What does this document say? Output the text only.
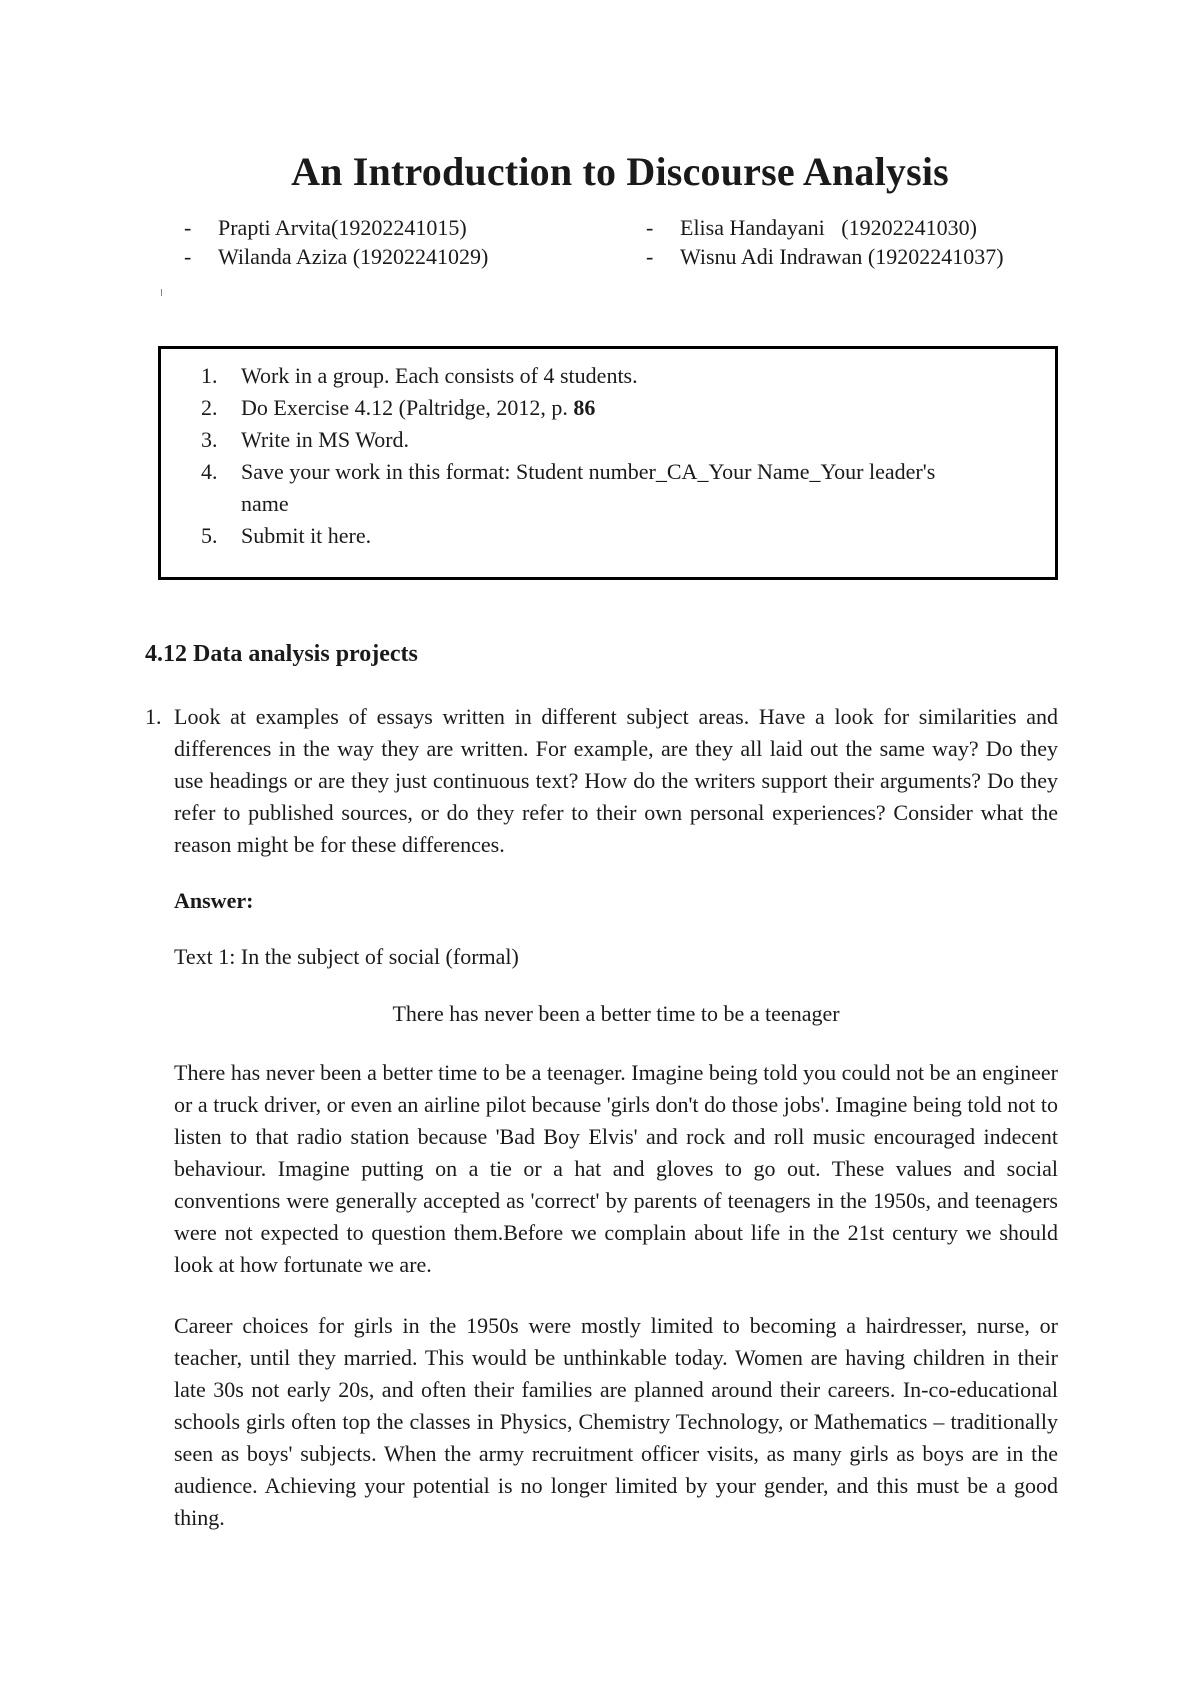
An Introduction to Discourse Analysis
- Prapti Arvita(19202241015)
- Wilanda Aziza (19202241029)
- Elisa Handayani   (19202241030)
- Wisnu Adi Indrawan (19202241037)
1. Work in a group. Each consists of 4 students.
2. Do Exercise 4.12 (Paltridge, 2012, p. 86
3. Write in MS Word.
4. Save your work in this format: Student number_CA_Your Name_Your leader's name
5. Submit it here.
4.12 Data analysis projects
1. Look at examples of essays written in different subject areas. Have a look for similarities and differences in the way they are written. For example, are they all laid out the same way? Do they use headings or are they just continuous text? How do the writers support their arguments? Do they refer to published sources, or do they refer to their own personal experiences? Consider what the reason might be for these differences.
Answer:
Text 1: In the subject of social (formal)
There has never been a better time to be a teenager

There has never been a better time to be a teenager. Imagine being told you could not be an engineer or a truck driver, or even an airline pilot because 'girls don't do those jobs'. Imagine being told not to listen to that radio station because 'Bad Boy Elvis' and rock and roll music encouraged indecent behaviour. Imagine putting on a tie or a hat and gloves to go out. These values and social conventions were generally accepted as 'correct' by parents of teenagers in the 1950s, and teenagers were not expected to question them.Before we complain about life in the 21st century we should look at how fortunate we are.

Career choices for girls in the 1950s were mostly limited to becoming a hairdresser, nurse, or teacher, until they married. This would be unthinkable today. Women are having children in their late 30s not early 20s, and often their families are planned around their careers. In-co-educational schools girls often top the classes in Physics, Chemistry Technology, or Mathematics – traditionally seen as boys' subjects. When the army recruitment officer visits, as many girls as boys are in the audience. Achieving your potential is no longer limited by your gender, and this must be a good thing.
